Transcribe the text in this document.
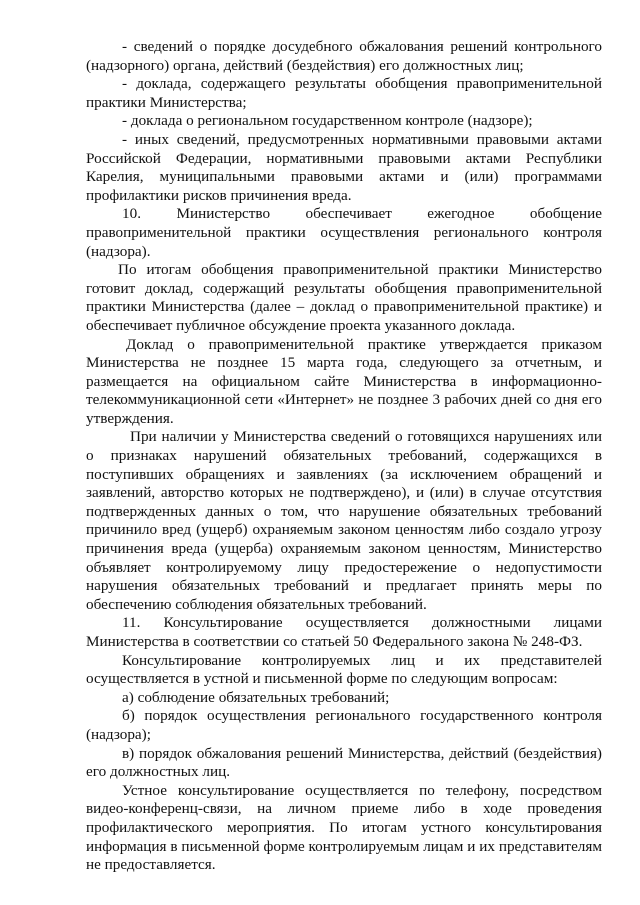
- сведений о порядке досудебного обжалования решений контрольного
(надзорного) органа, действий (бездействия) его должностных лиц;
- доклада, содержащего результаты обобщения правоприменительной
практики Министерства;
- доклада о региональном государственном контроле (надзоре);
- иных сведений, предусмотренных нормативными правовыми актами
Российской Федерации, нормативными правовыми актами Республики
Карелия, муниципальными правовыми актами и (или) программами
профилактики рисков причинения вреда.
10. Министерство обеспечивает ежегодное обобщение
правоприменительной практики осуществления регионального контроля
(надзора).
По итогам обобщения правоприменительной практики Министерство
готовит доклад, содержащий результаты обобщения правоприменительной
практики Министерства (далее – доклад о правоприменительной практике) и
обеспечивает публичное обсуждение проекта указанного доклада.
Доклад о правоприменительной практике утверждается приказом
Министерства не позднее 15 марта года, следующего за отчетным, и
размещается на официальном сайте Министерства в информационно-
телекоммуникационной сети «Интернет» не позднее 3 рабочих дней со дня его
утверждения.
При наличии у Министерства сведений о готовящихся нарушениях или
о признаках нарушений обязательных требований, содержащихся в
поступивших обращениях и заявлениях (за исключением обращений и
заявлений, авторство которых не подтверждено), и (или) в случае отсутствия
подтвержденных данных о том, что нарушение обязательных требований
причинило вред (ущерб) охраняемым законом ценностям либо создало угрозу
причинения вреда (ущерба) охраняемым законом ценностям, Министерство
объявляет контролируемому лицу предостережение о недопустимости
нарушения обязательных требований и предлагает принять меры по
обеспечению соблюдения обязательных требований.
11. Консультирование осуществляется должностными лицами
Министерства в соответствии со статьей 50 Федерального закона № 248-ФЗ.
Консультирование контролируемых лиц и их представителей
осуществляется в устной и письменной форме по следующим вопросам:
а) соблюдение обязательных требований;
б) порядок осуществления регионального государственного контроля
(надзора);
в) порядок обжалования решений Министерства, действий (бездействия)
его должностных лиц.
Устное консультирование осуществляется по телефону, посредством
видео-конференц-связи, на личном приеме либо в ходе проведения
профилактического мероприятия. По итогам устного консультирования
информация в письменной форме контролируемым лицам и их представителям
не предоставляется.
